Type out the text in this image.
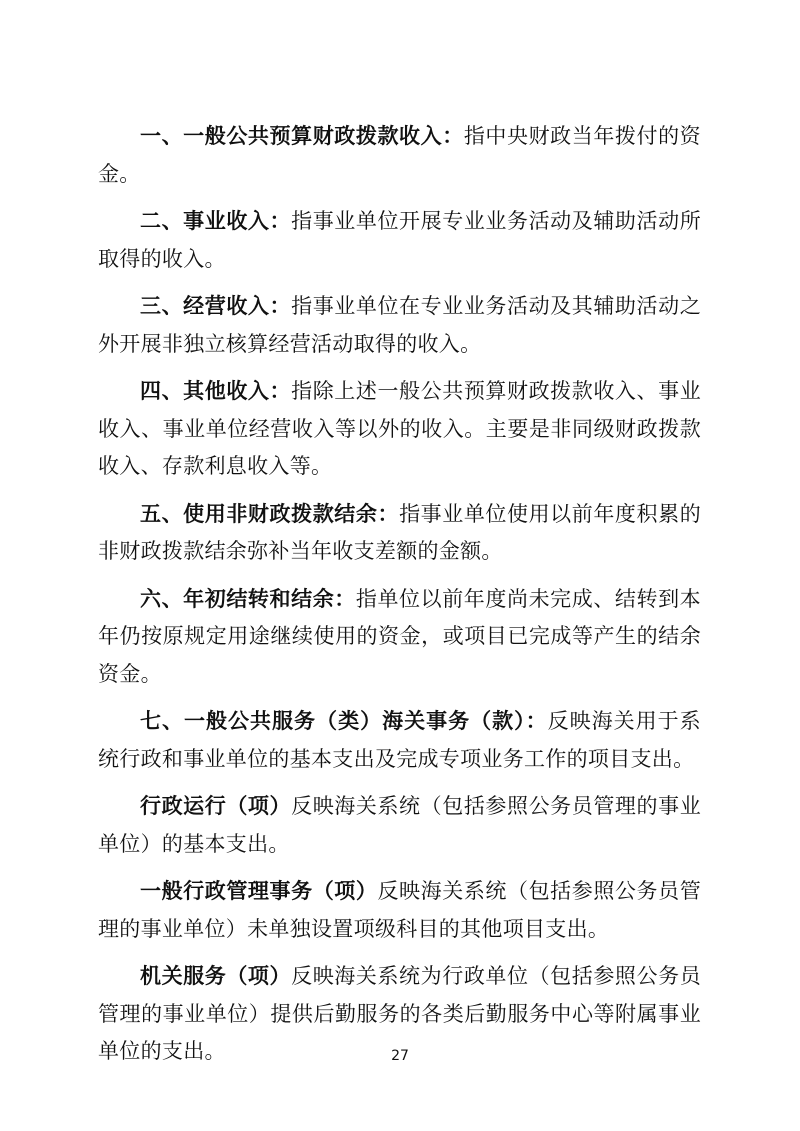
一、一般公共预算财政拨款收入：指中央财政当年拨付的资金。

二、事业收入：指事业单位开展专业业务活动及辅助活动所取得的收入。

三、经营收入：指事业单位在专业业务活动及其辅助活动之外开展非独立核算经营活动取得的收入。

四、其他收入：指除上述一般公共预算财政拨款收入、事业收入、事业单位经营收入等以外的收入。主要是非同级财政拨款收入、存款利息收入等。

五、使用非财政拨款结余：指事业单位使用以前年度积累的非财政拨款结余弥补当年收支差额的金额。

六、年初结转和结余：指单位以前年度尚未完成、结转到本年仍按原规定用途继续使用的资金，或项目已完成等产生的结余资金。

七、一般公共服务（类）海关事务（款）：反映海关用于系统行政和事业单位的基本支出及完成专项业务工作的项目支出。

行政运行（项）反映海关系统（包括参照公务员管理的事业单位）的基本支出。

一般行政管理事务（项）反映海关系统（包括参照公务员管理的事业单位）未单独设置项级科目的其他项目支出。

机关服务（项）反映海关系统为行政单位（包括参照公务员管理的事业单位）提供后勤服务的各类后勤服务中心等附属事业单位的支出。	27
